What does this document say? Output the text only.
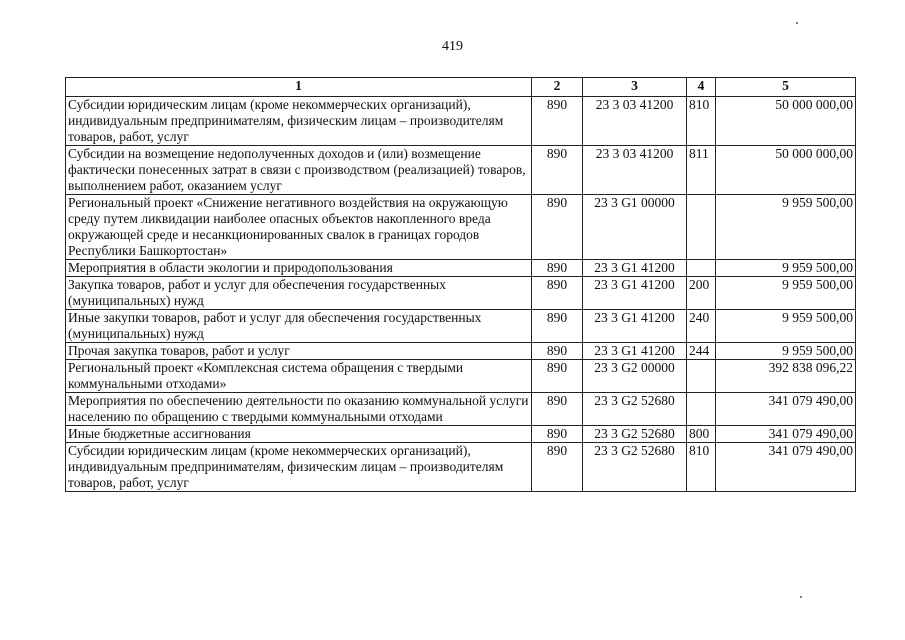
419
1	2	3	4	5
Субсидии юридическим лицам (кроме некоммерческих организаций), индивидуальным предпринимателям, физическим лицам – производителям товаров, работ, услуг	890	23 3 03 41200	810	50 000 000,00
Субсидии на возмещение недополученных доходов и (или) возмещение фактически понесенных затрат в связи с производством (реализацией) товаров, выполнением работ, оказанием услуг	890	23 3 03 41200	811	50 000 000,00
Региональный проект «Снижение негативного воздействия на окружающую среду путем ликвидации наиболее опасных объектов накопленного вреда окружающей среде и несанкционированных свалок в границах городов Республики Башкортостан»	890	23 3 G1 00000		9 959 500,00
Мероприятия в области экологии и природопользования	890	23 3 G1 41200		9 959 500,00
Закупка товаров, работ и услуг для обеспечения государственных (муниципальных) нужд	890	23 3 G1 41200	200	9 959 500,00
Иные закупки товаров, работ и услуг для обеспечения государственных (муниципальных) нужд	890	23 3 G1 41200	240	9 959 500,00
Прочая закупка товаров, работ и услуг	890	23 3 G1 41200	244	9 959 500,00
Региональный проект «Комплексная система обращения с твердыми коммунальными отходами»	890	23 3 G2 00000		392 838 096,22
Мероприятия по обеспечению деятельности по оказанию коммунальной услуги населению по обращению с твердыми коммунальными отходами	890	23 3 G2 52680		341 079 490,00
Иные бюджетные ассигнования	890	23 3 G2 52680	800	341 079 490,00
Субсидии юридическим лицам (кроме некоммерческих организаций), индивидуальным предпринимателям, физическим лицам – производителям товаров, работ, услуг	890	23 3 G2 52680	810	341 079 490,00
